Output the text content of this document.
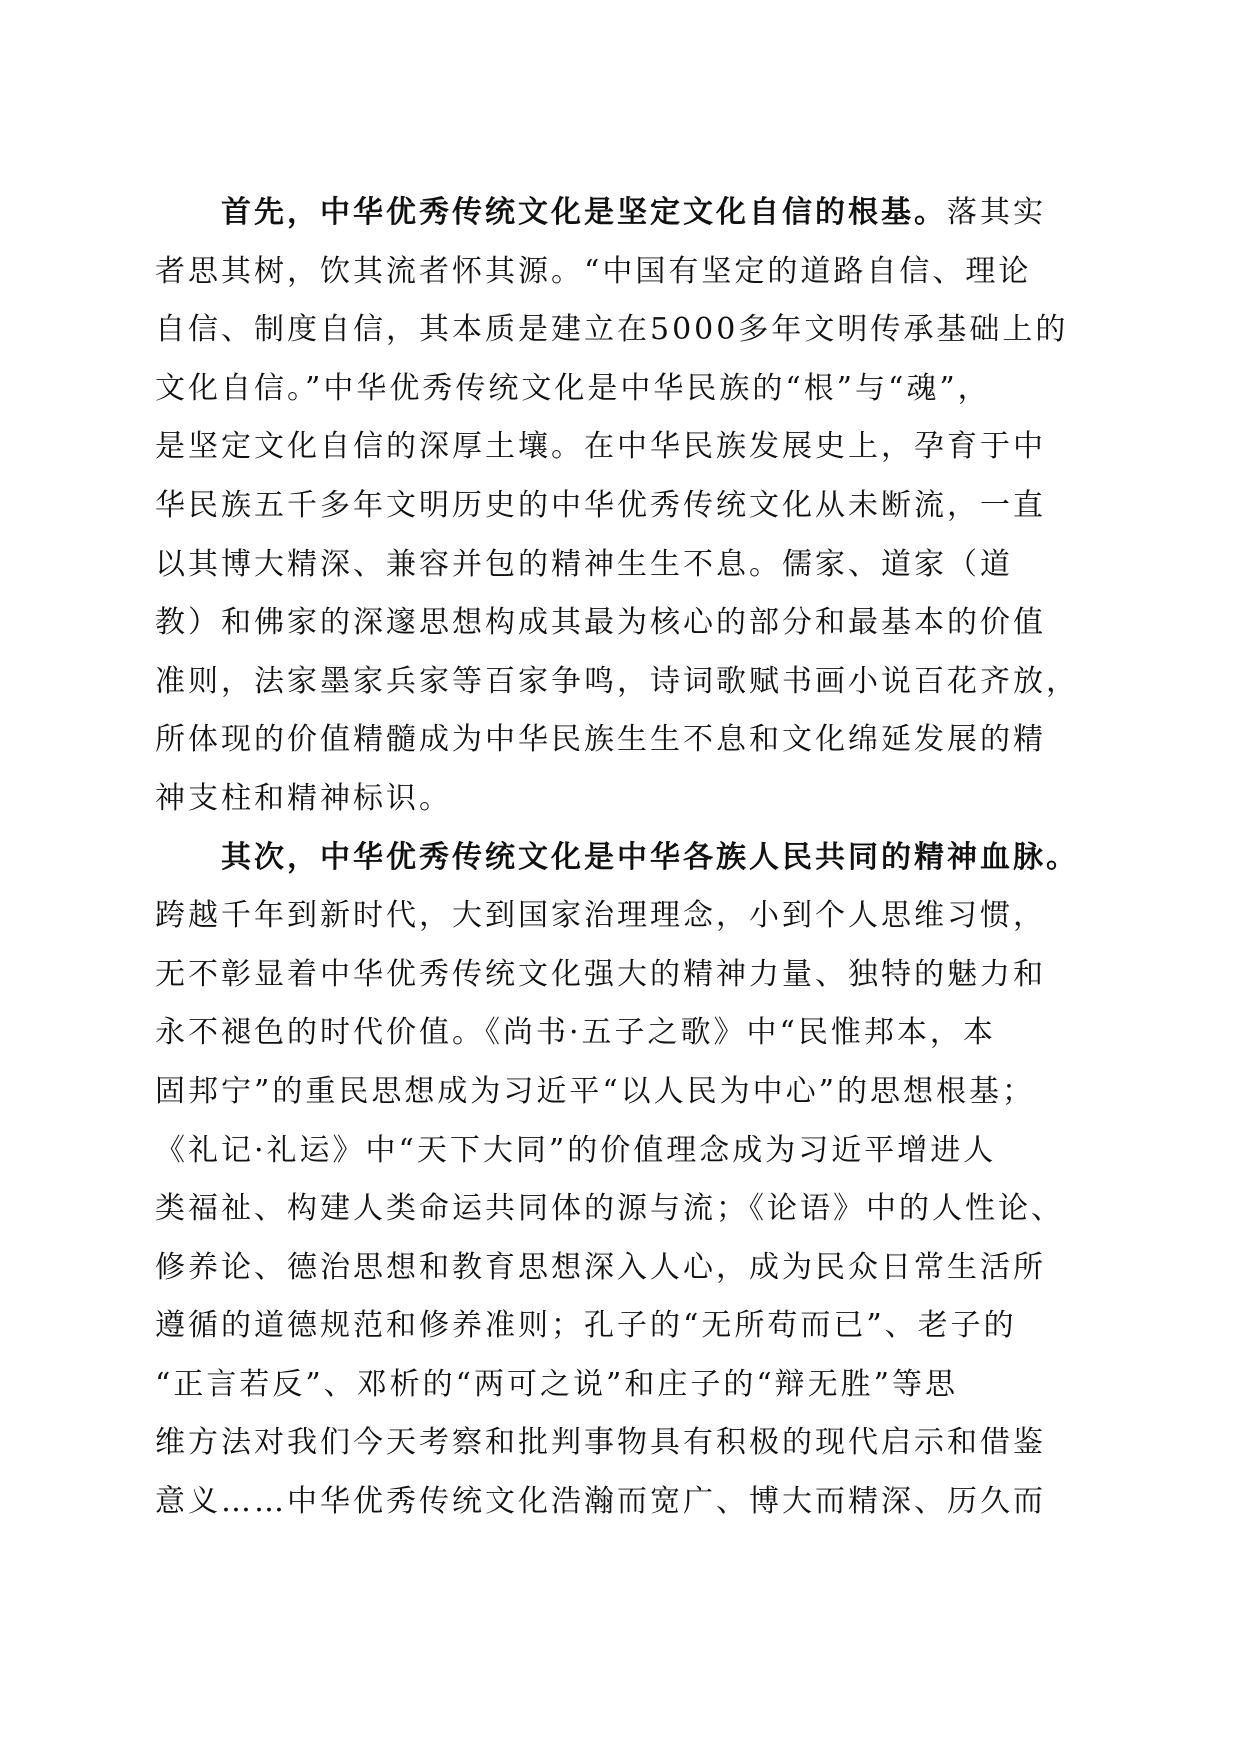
首先，中华优秀传统文化是坚定文化自信的根基。落其实
者思其树，饮其流者怀其源。“中国有坚定的道路自信、理论
自信、制度自信，其本质是建立在5000多年文明传承基础上的
文化自信。”中华优秀传统文化是中华民族的“根”与“魂”，
是坚定文化自信的深厚土壤。在中华民族发展史上，孕育于中
华民族五千多年文明历史的中华优秀传统文化从未断流，一直
以其博大精深、兼容并包的精神生生不息。儒家、道家（道
教）和佛家的深邃思想构成其最为核心的部分和最基本的价值
准则，法家墨家兵家等百家争鸣，诗词歌赋书画小说百花齐放，
所体现的价值精髓成为中华民族生生不息和文化绵延发展的精
神支柱和精神标识。
其次，中华优秀传统文化是中华各族人民共同的精神血脉。
跨越千年到新时代，大到国家治理理念，小到个人思维习惯，
无不彰显着中华优秀传统文化强大的精神力量、独特的魅力和
永不褪色的时代价值。《尚书·五子之歌》中“民惟邦本，本
固邦宁”的重民思想成为习近平“以人民为中心”的思想根基；
《礼记·礼运》中“天下大同”的价值理念成为习近平增进人
类福祉、构建人类命运共同体的源与流；《论语》中的人性论、
修养论、德治思想和教育思想深入人心，成为民众日常生活所
遵循的道德规范和修养准则；孔子的“无所苟而已”、老子的
“正言若反”、邓析的“两可之说”和庄子的“辩无胜”等思
维方法对我们今天考察和批判事物具有积极的现代启示和借鉴
意义……中华优秀传统文化浩瀚而宽广、博大而精深、历久而
